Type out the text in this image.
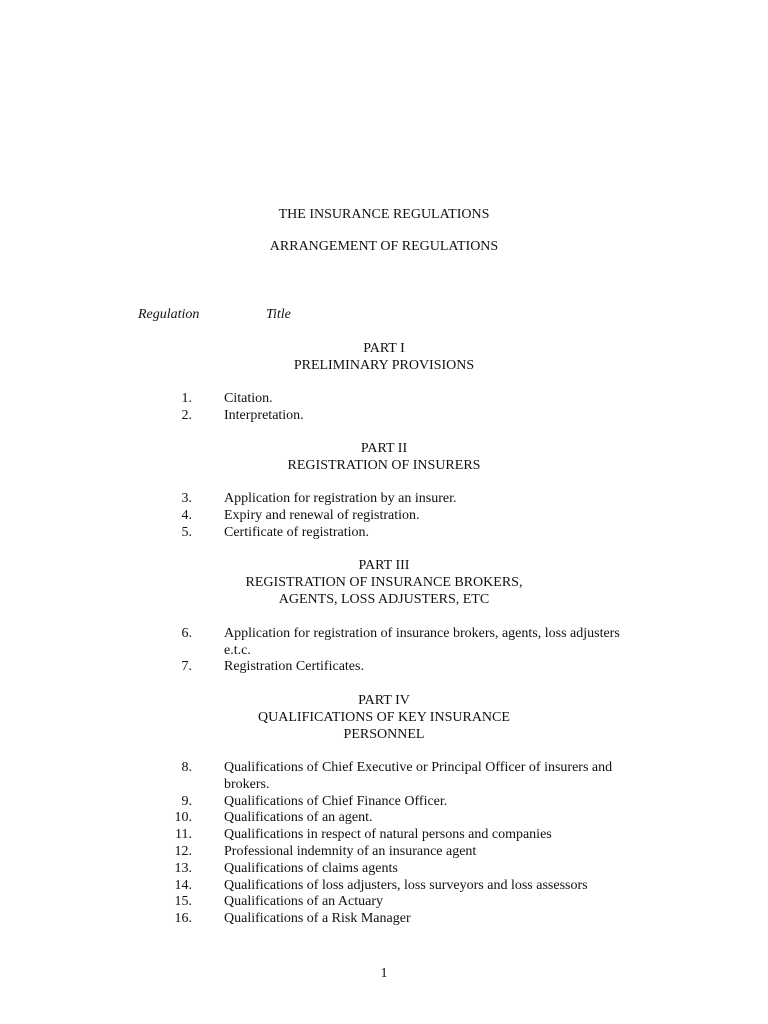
THE INSURANCE REGULATIONS
ARRANGEMENT OF REGULATIONS
Regulation	Title
PART I
PRELIMINARY PROVISIONS
1. Citation.
2. Interpretation.
PART II
REGISTRATION OF INSURERS
3. Application for registration by an insurer.
4. Expiry and renewal of registration.
5. Certificate of registration.
PART III
REGISTRATION OF INSURANCE BROKERS,
AGENTS, LOSS ADJUSTERS, ETC
6. Application for registration of insurance brokers, agents, loss adjusters
e.t.c.
7. Registration Certificates.
PART IV
QUALIFICATIONS OF KEY INSURANCE
PERSONNEL
8. Qualifications of Chief Executive or Principal Officer of insurers and
brokers.
9. Qualifications of Chief Finance Officer.
10. Qualifications of an agent.
11. Qualifications in respect of natural persons and companies
12. Professional indemnity of an insurance agent
13. Qualifications of claims agents
14. Qualifications of loss adjusters, loss surveyors and loss assessors
15. Qualifications of an Actuary
16. Qualifications of a Risk Manager
1
